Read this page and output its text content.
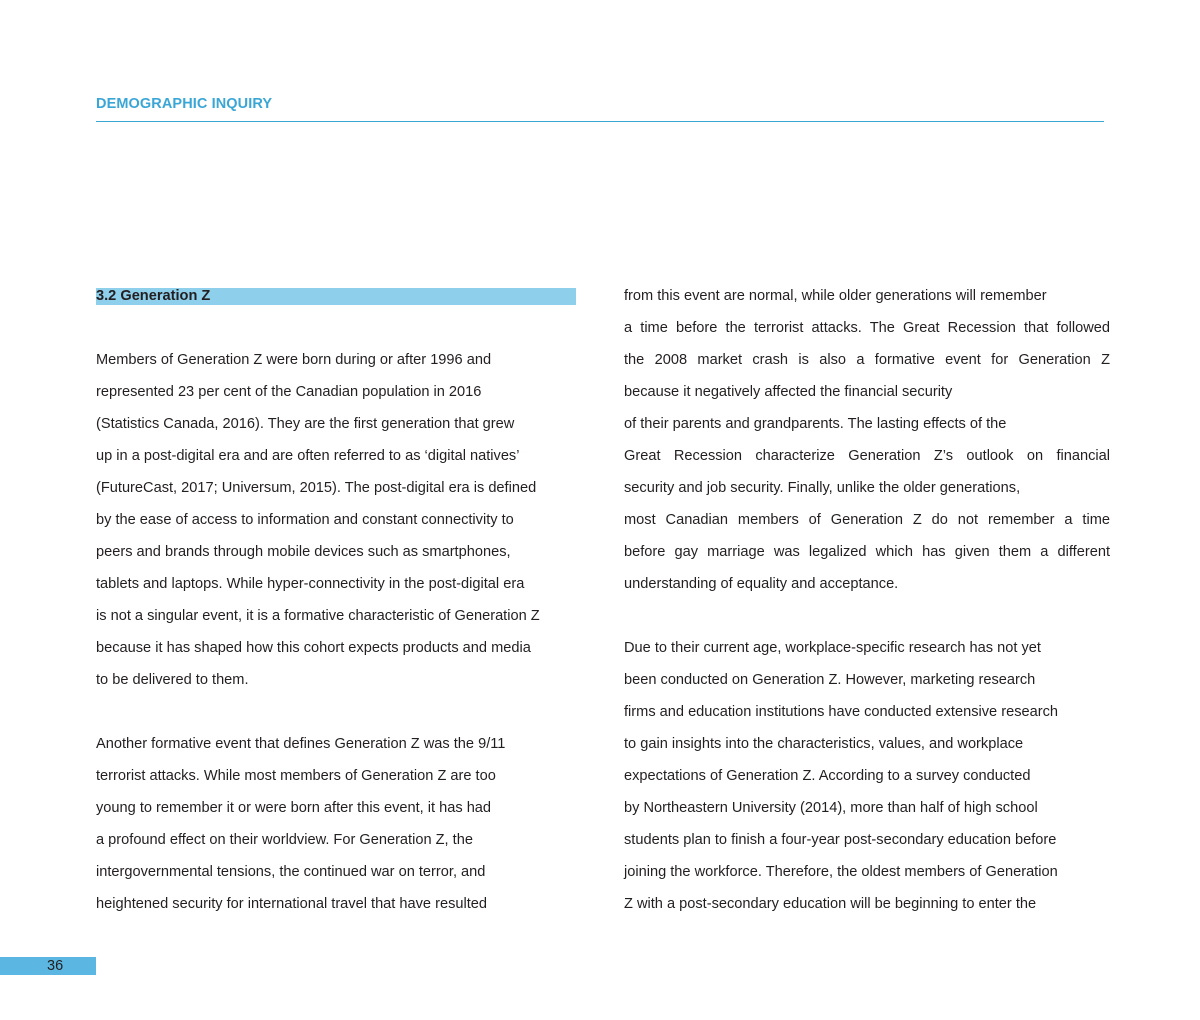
DEMOGRAPHIC INQUIRY
3.2 Generation Z
Members of Generation Z were born during or after 1996 and
represented 23 per cent of the Canadian population in 2016
(Statistics Canada, 2016). They are the first generation that grew
up in a post-digital era and are often referred to as ‘digital natives’
(FutureCast, 2017; Universum, 2015). The post-digital era is defined
by the ease of access to information and constant connectivity to
peers and brands through mobile devices such as smartphones,
tablets and laptops. While hyper-connectivity in the post-digital era
is not a singular event, it is a formative characteristic of Generation Z
because it has shaped how this cohort expects products and media
to be delivered to them.
Another formative event that defines Generation Z was the 9/11
terrorist attacks. While most members of Generation Z are too
young to remember it or were born after this event, it has had
a profound effect on their worldview. For Generation Z, the
intergovernmental tensions, the continued war on terror, and
heightened security for international travel that have resulted
from this event are normal, while older generations will remember
a time before the terrorist attacks. The Great Recession that followed
the 2008 market crash is also a formative event for Generation Z
because it negatively affected the financial security
of their parents and grandparents. The lasting effects of the
Great Recession characterize Generation Z’s outlook on financial
security and job security. Finally, unlike the older generations,
most Canadian members of Generation Z do not remember a time
before gay marriage was legalized which has given them a different
understanding of equality and acceptance.
Due to their current age, workplace-specific research has not yet
been conducted on Generation Z. However, marketing research
firms and education institutions have conducted extensive research
to gain insights into the characteristics, values, and workplace
expectations of Generation Z. According to a survey conducted
by Northeastern University (2014), more than half of high school
students plan to finish a four-year post-secondary education before
joining the workforce. Therefore, the oldest members of Generation
Z with a post-secondary education will be beginning to enter the
36
